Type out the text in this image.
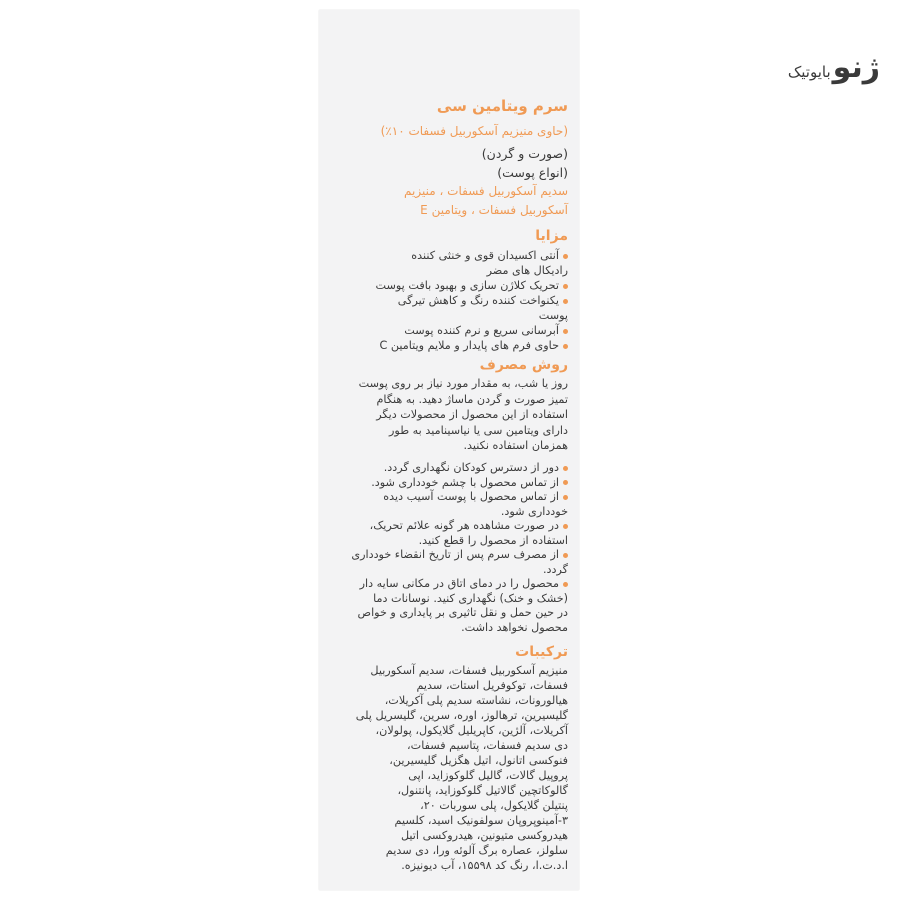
ژنوبایوتیک
سرم ویتامین سی
(حاوی منیزیم آسکوربیل فسفات ۱۰٪)
(صورت و گردن)
(انواع پوست)
سدیم آسکوربیل فسفات ، منیزیم
آسکوربیل فسفات ، ویتامین E
مزایا
آنتی اکسیدان قوی و خنثی کننده
رادیکال های مضر
تحریک کلاژن سازی و بهبود بافت پوست
یکنواخت کننده رنگ و کاهش تیرگی
پوست
آبرسانی سریع و نرم کننده پوست
حاوی فرم های پایدار و ملایم ویتامین C
روش مصرف
روز یا شب، به مقدار مورد نیاز بر روی پوست
تمیز صورت و گردن ماساژ دهید. به هنگام
استفاده از این محصول از محصولات دیگر
دارای ویتامین سی یا نیاسینامید به طور
همزمان استفاده نکنید.
دور از دسترس کودکان نگهداری گردد.
از تماس محصول با چشم خودداری شود.
از تماس محصول با پوست آسیب دیده
خودداری شود.
در صورت مشاهده هر گونه علائم تحریک،
استفاده از محصول را قطع کنید.
از مصرف سرم پس از تاریخ انقضاء خودداری
گردد.
محصول را در دمای اتاق در مکانی سایه دار
(خشک و خنک) نگهداری کنید. نوسانات دما
در حین حمل و نقل تاثیری بر پایداری و خواص
محصول نخواهد داشت.
ترکیبات
منیزیم آسکوربیل فسفات، سدیم آسکوربیل
فسفات، توکوفریل استات، سدیم
هیالورونات، نشاسته سدیم پلی آکریلات،
گلیسیرین، ترهالوز، اوره، سرین، گلیسریل پلی
آکریلات، آلژین، کاپریلیل گلایکول، پولولان،
دی سدیم فسفات، پتاسیم فسفات،
فنوکسی اتانول، اتیل هگزیل گلیسیرین،
پروپیل گالات، گالیل گلوکوزاید، اپی
گالوکاتچین گالاتیل گلوکوزاید، پانتنول،
پنتیلن گلایکول، پلی سوربات ۲۰،
۳-آمینوپروپان سولفونیک اسید، کلسیم
هیدروکسی متیونین، هیدروکسی اتیل
سلولز، عصاره برگ آلوئه ورا، دی سدیم
ا.د.ت.ا، رنگ کد ۱۵۵۹۸، آب دیونیزه.
